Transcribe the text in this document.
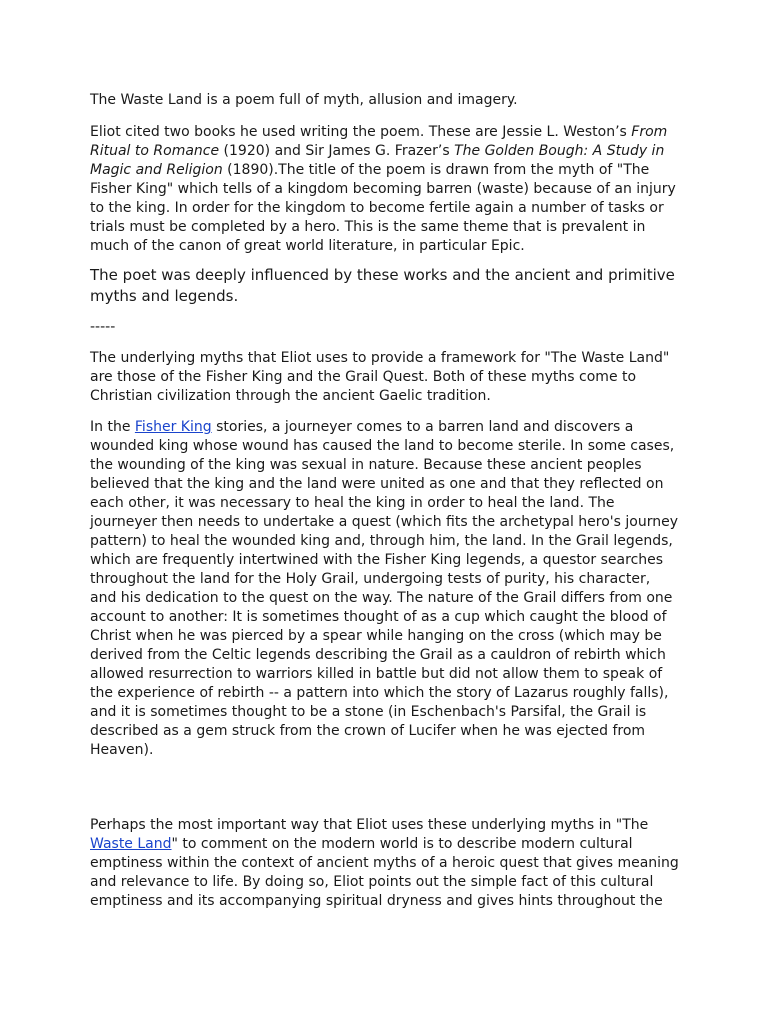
The Waste Land is a poem full of myth, allusion and imagery.

Eliot cited two books he used writing the poem. These are Jessie L. Weston’s From Ritual to Romance (1920) and Sir James G. Frazer’s The Golden Bough: A Study in Magic and Religion (1890).The title of the poem is drawn from the myth of "The Fisher King" which tells of a kingdom becoming barren (waste) because of an injury to the king. In order for the kingdom to become fertile again a number of tasks or trials must be completed by a hero. This is the same theme that is prevalent in much of the canon of great world literature, in particular Epic.

The poet was deeply influenced by these works and the ancient and primitive myths and legends.

-----

The underlying myths that Eliot uses to provide a framework for "The Waste Land" are those of the Fisher King and the Grail Quest. Both of these myths come to Christian civilization through the ancient Gaelic tradition.

In the Fisher King stories, a journeyer comes to a barren land and discovers a wounded king whose wound has caused the land to become sterile. In some cases, the wounding of the king was sexual in nature. Because these ancient peoples believed that the king and the land were united as one and that they reflected on each other, it was necessary to heal the king in order to heal the land. The journeyer then needs to undertake a quest (which fits the archetypal hero's journey pattern) to heal the wounded king and, through him, the land. In the Grail legends, which are frequently intertwined with the Fisher King legends, a questor searches throughout the land for the Holy Grail, undergoing tests of purity, his character, and his dedication to the quest on the way. The nature of the Grail differs from one account to another: It is sometimes thought of as a cup which caught the blood of Christ when he was pierced by a spear while hanging on the cross (which may be derived from the Celtic legends describing the Grail as a cauldron of rebirth which allowed resurrection to warriors killed in battle but did not allow them to speak of the experience of rebirth -- a pattern into which the story of Lazarus roughly falls), and it is sometimes thought to be a stone (in Eschenbach's Parsifal, the Grail is described as a gem struck from the crown of Lucifer when he was ejected from Heaven).

Perhaps the most important way that Eliot uses these underlying myths in "The Waste Land" to comment on the modern world is to describe modern cultural emptiness within the context of ancient myths of a heroic quest that gives meaning and relevance to life. By doing so, Eliot points out the simple fact of this cultural emptiness and its accompanying spiritual dryness and gives hints throughout the
